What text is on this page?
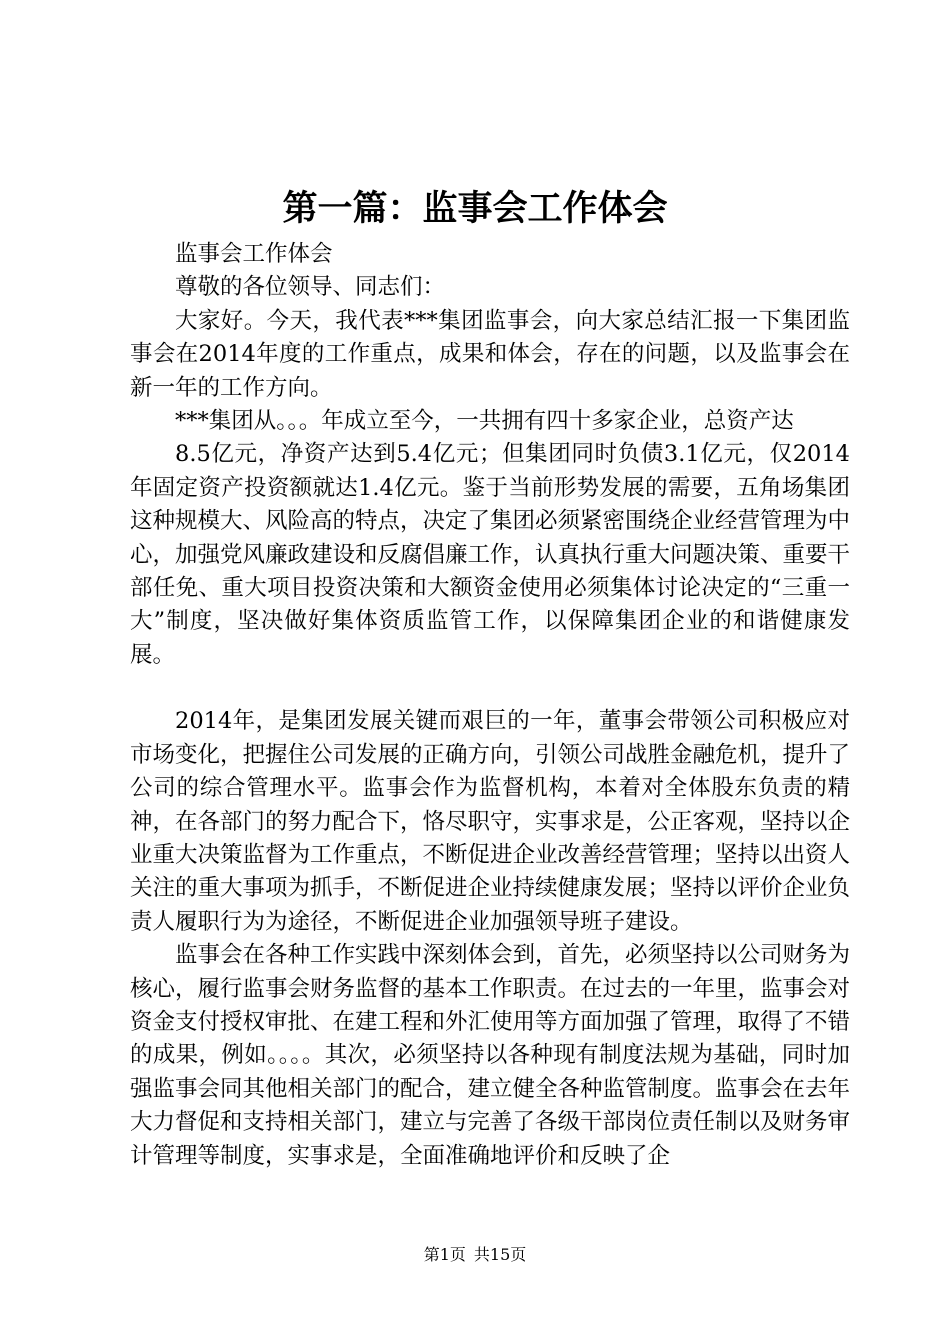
第一篇：监事会工作体会

监事会工作体会

尊敬的各位领导、同志们：

大家好。今天，我代表***集团监事会，向大家总结汇报一下集团监事会在2014年度的工作重点，成果和体会，存在的问题，以及监事会在新一年的工作方向。

***集团从。。。年成立至今，一共拥有四十多家企业，总资产达

8.5亿元，净资产达到5.4亿元；但集团同时负债3.1亿元，仅2014年固定资产投资额就达1.4亿元。鉴于当前形势发展的需要，五角场集团这种规模大、风险高的特点，决定了集团必须紧密围绕企业经营管理为中心，加强党风廉政建设和反腐倡廉工作，认真执行重大问题决策、重要干部任免、重大项目投资决策和大额资金使用必须集体讨论决定的“三重一大”制度，坚决做好集体资质监管工作，以保障集团企业的和谐健康发展。

2014年，是集团发展关键而艰巨的一年，董事会带领公司积极应对市场变化，把握住公司发展的正确方向，引领公司战胜金融危机，提升了公司的综合管理水平。监事会作为监督机构，本着对全体股东负责的精神，在各部门的努力配合下，恪尽职守，实事求是，公正客观，坚持以企业重大决策监督为工作重点，不断促进企业改善经营管理；坚持以出资人关注的重大事项为抓手，不断促进企业持续健康发展；坚持以评价企业负责人履职行为为途径，不断促进企业加强领导班子建设。

监事会在各种工作实践中深刻体会到，首先，必须坚持以公司财务为核心，履行监事会财务监督的基本工作职责。在过去的一年里，监事会对资金支付授权审批、在建工程和外汇使用等方面加强了管理，取得了不错的成果，例如。。。。其次，必须坚持以各种现有制度法规为基础，同时加强监事会同其他相关部门的配合，建立健全各种监管制度。监事会在去年大力督促和支持相关部门，建立与完善了各级干部岗位责任制以及财务审计管理等制度，实事求是，全面准确地评价和反映了企

第1页 共15页
